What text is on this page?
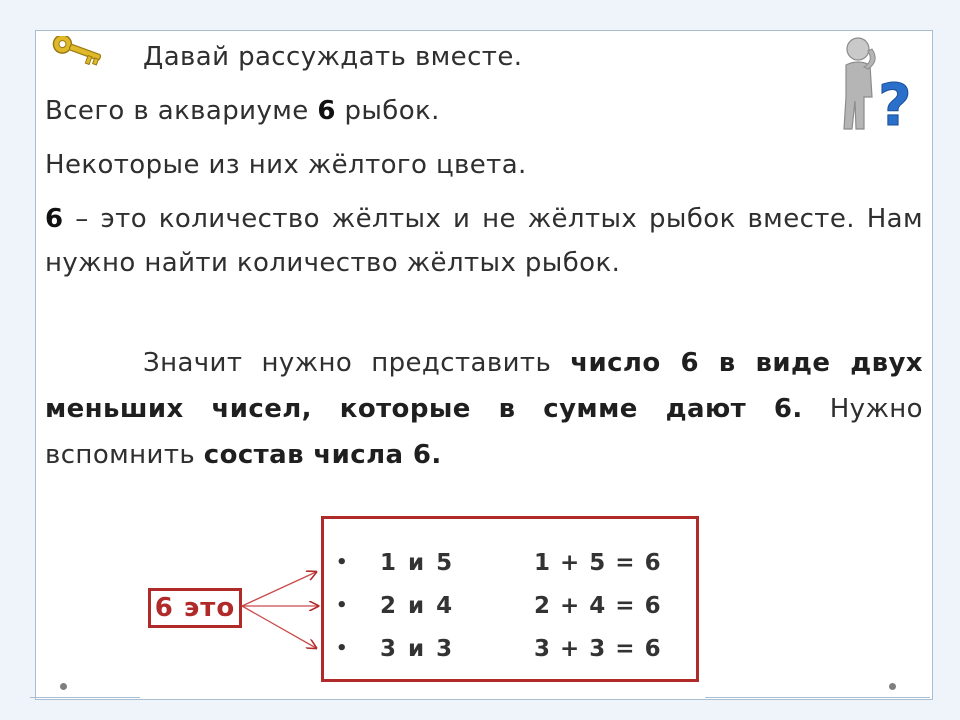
?
Давай рассуждать вместе.
Всего в аквариуме 6 рыбок.
Некоторые из них жёлтого цвета.
6 – это количество жёлтых и не жёлтых рыбок вместе. Нам нужно найти количество жёлтых рыбок.
Значит нужно представить число 6 в виде двух меньших чисел, которые в сумме дают 6. Нужно вспомнить состав числа 6.
6 это
• 1 и 5	1 + 5 = 6
• 2 и 4	2 + 4 = 6
• 3 и 3	3 + 3 = 6
